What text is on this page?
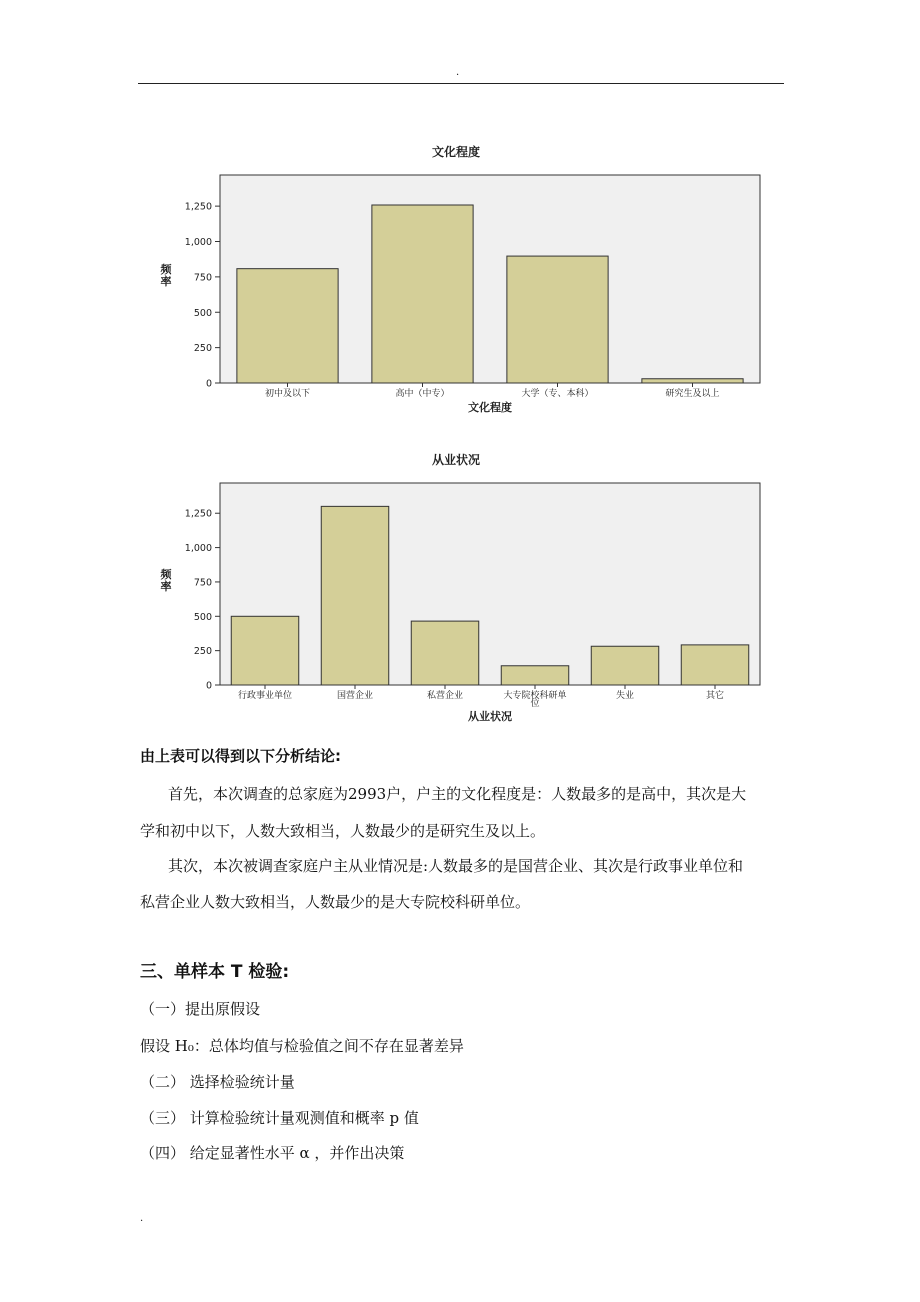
.
文化程度
0
250
500
750
1,000
1,250
初中及以下	高中（中专）	大学（专、本科）	研究生及以上
频率
文化程度
从业状况
0
250
500
750
1,000
1,250
行政事业单位	国营企业	私营企业	大专院校科研单位
失业	其它
频率
从业状况

由上表可以得到以下分析结论:

首先，本次调查的总家庭为2993户，户主的文化程度是：人数最多的是高中，其次是大

学和初中以下，人数大致相当，人数最少的是研究生及以上。

其次，本次被调查家庭户主从业情况是:人数最多的是国营企业、其次是行政事业单位和

私营企业人数大致相当，人数最少的是大专院校科研单位。

三、单样本 T 检验:

（一）提出原假设

假设 H₀：总体均值与检验值之间不存在显著差异

（二） 选择检验统计量

（三） 计算检验统计量观测值和概率 p 值

（四） 给定显著性水平 α ，并作出决策

.
